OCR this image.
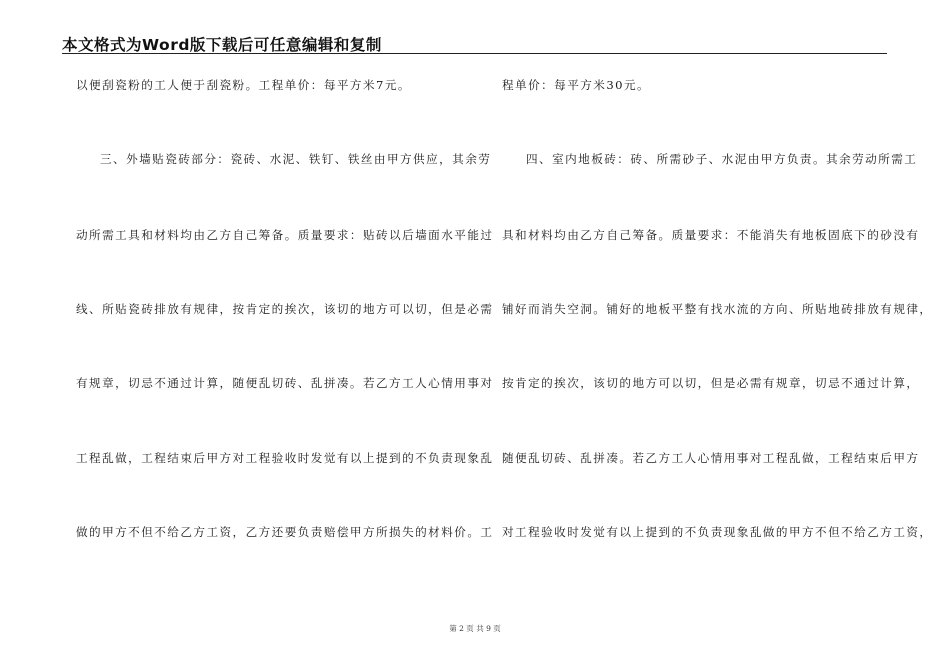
本文格式为Word版下载后可任意编辑和复制
以便刮瓷粉的工人便于刮瓷粉。工程单价：每平方米7元。
三、外墙贴瓷砖部分：瓷砖、水泥、铁钉、铁丝由甲方供应，其余劳
动所需工具和材料均由乙方自己筹备。质量要求：贴砖以后墙面水平能过
线、所贴瓷砖排放有规律，按肯定的挨次，该切的地方可以切，但是必需
有规章，切忌不通过计算，随便乱切砖、乱拼凑。若乙方工人心情用事对
工程乱做，工程结束后甲方对工程验收时发觉有以上提到的不负责现象乱
做的甲方不但不给乙方工资，乙方还要负责赔偿甲方所损失的材料价。工
程单价：每平方米30元。
四、室内地板砖：砖、所需砂子、水泥由甲方负责。其余劳动所需工
具和材料均由乙方自己筹备。质量要求：不能消失有地板固底下的砂没有
铺好而消失空洞。铺好的地板平整有找水流的方向、所贴地砖排放有规律，
按肯定的挨次，该切的地方可以切，但是必需有规章，切忌不通过计算，
随便乱切砖、乱拼凑。若乙方工人心情用事对工程乱做，工程结束后甲方
对工程验收时发觉有以上提到的不负责现象乱做的甲方不但不给乙方工资，
第 2 页 共 9 页
